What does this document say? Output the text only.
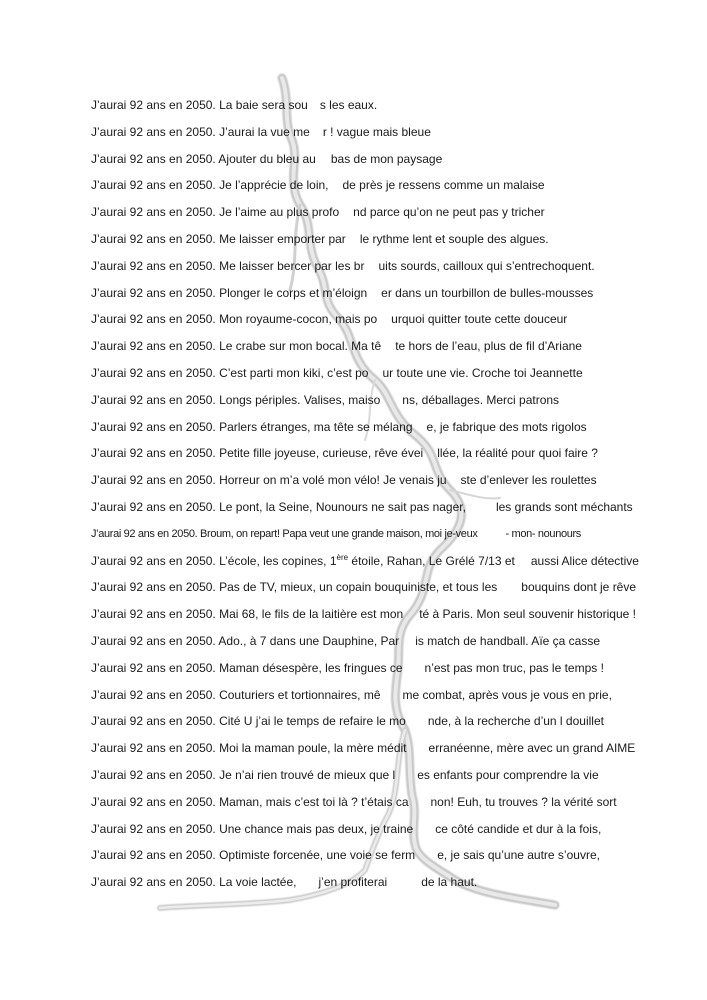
J’aurai 92 ans en 2050. La baie sera sou s les eaux.
J’aurai 92 ans en 2050. J’aurai la vue me r ! vague mais bleue
J’aurai 92 ans en 2050. Ajouter du bleu au bas de mon paysage
J’aurai 92 ans en 2050. Je l’apprécie de loin, de près je ressens comme un malaise
J’aurai 92 ans en 2050. Je l’aime au plus profo nd parce qu’on ne peut pas y tricher
J’aurai 92 ans en 2050. Me laisser emporter par le rythme lent et souple des algues.
J’aurai 92 ans en 2050. Me laisser bercer par les br uits sourds, cailloux qui s’entrechoquent.
J’aurai 92 ans en 2050. Plonger le corps et m’éloign er dans un tourbillon de bulles-mousses
J’aurai 92 ans en 2050. Mon royaume-cocon, mais po urquoi quitter toute cette douceur
J’aurai 92 ans en 2050. Le crabe sur mon bocal. Ma tê te hors de l’eau, plus de fil d’Ariane
J’aurai 92 ans en 2050. C’est parti mon kiki, c’est po ur toute une vie. Croche toi Jeannette
J’aurai 92 ans en 2050. Longs périples. Valises, maiso ns, déballages. Merci patrons
J’aurai 92 ans en 2050. Parlers étranges, ma tête se mélang e, je fabrique des mots rigolos
J’aurai 92 ans en 2050. Petite fille joyeuse, curieuse, rêve évei llée, la réalité pour quoi faire ?
J’aurai 92 ans en 2050. Horreur on m’a volé mon vélo! Je venais ju ste d’enlever les roulettes
J’aurai 92 ans en 2050. Le pont, la Seine, Nounours ne sait pas nager,	les grands sont méchants
J’aurai 92 ans en 2050. Broum, on repart! Papa veut une grande maison, moi je-veux	- mon- nounours
J’aurai 92 ans en 2050. L’école, les copines, 1ère étoile, Rahan, Le Grélé 7/13 et aussi Alice détective
J’aurai 92 ans en 2050. Pas de TV, mieux, un copain bouquiniste, et tous les bouquins dont je rêve
J’aurai 92 ans en 2050. Mai 68, le fils de la laitière est mon té à Paris. Mon seul souvenir historique !
J’aurai 92 ans en 2050. Ado., à 7 dans une Dauphine, Par is match de handball. Aïe ça casse
J’aurai 92 ans en 2050. Maman désespère, les fringues ce n’est pas mon truc, pas le temps !
J’aurai 92 ans en 2050. Couturiers et tortionnaires, mê me combat, après vous je vous en prie,
J’aurai 92 ans en 2050. Cité U j’ai le temps de refaire le mo nde, à la recherche d’un l douillet
J’aurai 92 ans en 2050. Moi la maman poule, la mère médit erranéenne, mère avec un grand AIME
J’aurai 92 ans en 2050. Je n’ai rien trouvé de mieux que l es enfants pour comprendre la vie
J’aurai 92 ans en 2050. Maman, mais c’est toi là ? t’étais ca non! Euh, tu trouves ? la vérité sort
J’aurai 92 ans en 2050. Une chance mais pas deux, je traine ce côté candide et dur à la fois,
J’aurai 92 ans en 2050. Optimiste forcenée, une voie se ferm e, je sais qu’une autre s’ouvre,
J’aurai 92 ans en 2050. La voie lactée, j’en profiterai	de la haut.
